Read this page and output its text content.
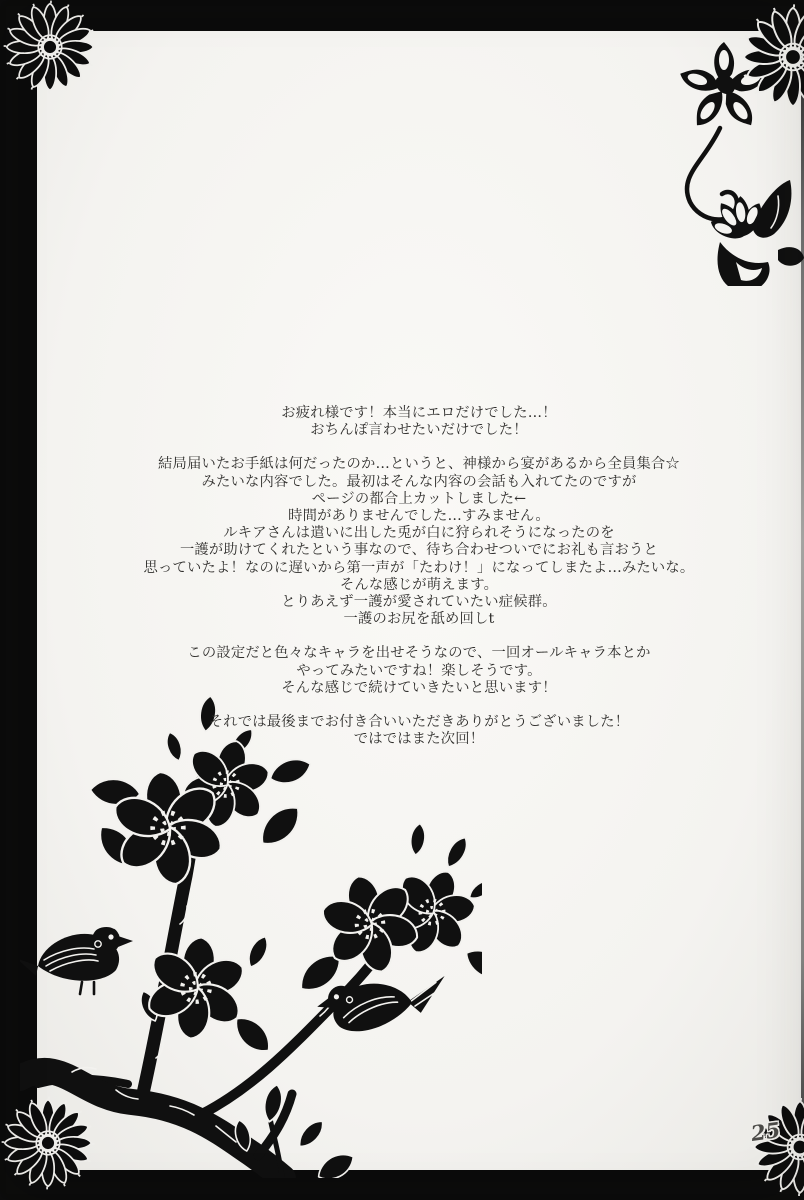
お疲れ様です！本当にエロだけでした…！
おちんぽ言わせたいだけでした！
結局届いたお手紙は何だったのか…というと、神様から宴があるから全員集合☆
みたいな内容でした。最初はそんな内容の会話も入れてたのですが
ページの都合上カットしました←
時間がありませんでした…すみません。
ルキアさんは遣いに出した兎が白に狩られそうになったのを
一護が助けてくれたという事なので、待ち合わせついでにお礼も言おうと
思っていたよ！なのに遅いから第一声が「たわけ！」になってしまたよ…みたいな。
そんな感じが萌えます。
とりあえず一護が愛されていたい症候群。
一護のお尻を舐め回しt
この設定だと色々なキャラを出せそうなので、一回オールキャラ本とか
やってみたいですね！楽しそうです。
そんな感じで続けていきたいと思います！
それでは最後までお付き合いいただきありがとうございました！
ではではまた次回！
25
